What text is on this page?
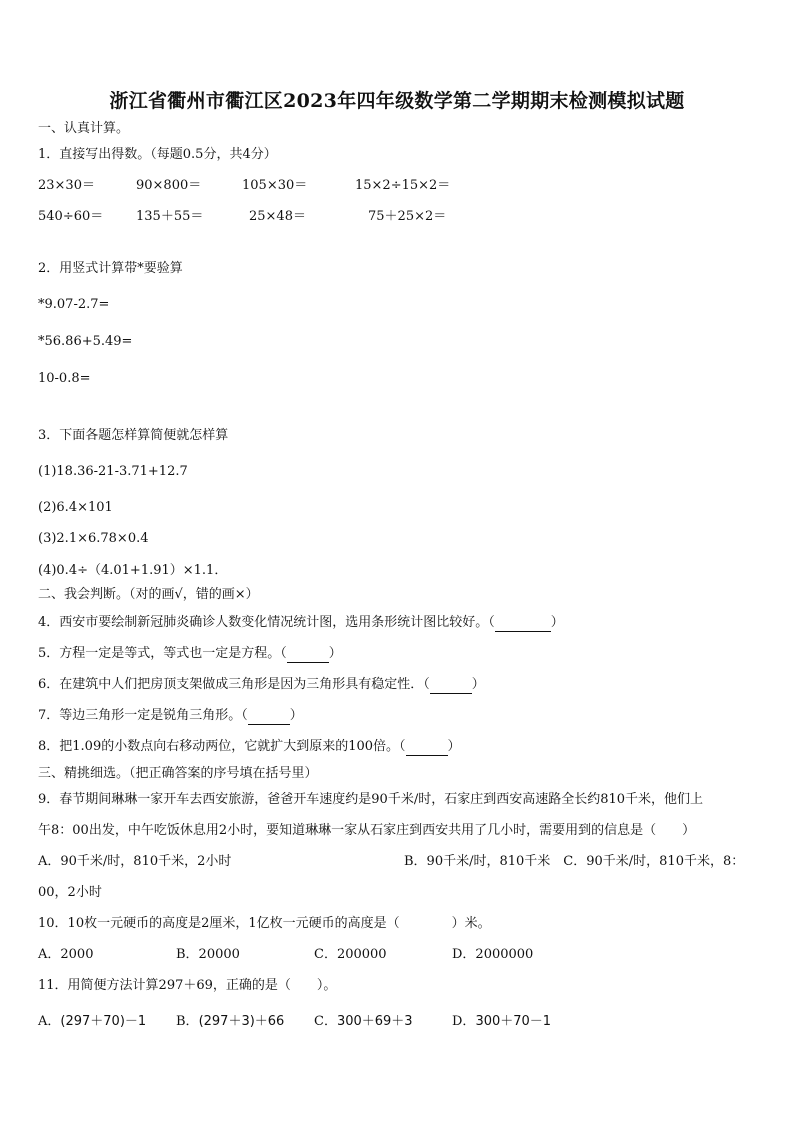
浙江省衢州市衢江区2023年四年级数学第二学期期末检测模拟试题
一、认真计算。
1．直接写出得数。（每题0.5分，共4分）
23×30＝	90×800＝	105×30＝	15×2÷15×2＝
540÷60＝	135＋55＝	25×48＝	75＋25×2＝
2．用竖式计算带*要验算
*9.07-2.7=
*56.86+5.49=
10-0.8=
3．下面各题怎样算简便就怎样算
(1)18.36-21-3.71+12.7
(2)6.4×101
(3)2.1×6.78×0.4
(4)0.4÷（4.01+1.91）×1.1．
二、我会判断。（对的画√，错的画×）
4．西安市要绘制新冠肺炎确诊人数变化情况统计图，选用条形统计图比较好。（	）
5．方程一定是等式，等式也一定是方程。（	）
6．在建筑中人们把房顶支架做成三角形是因为三角形具有稳定性．（	）
7．等边三角形一定是锐角三角形。（	）
8．把1.09的小数点向右移动两位，它就扩大到原来的100倍。（	）
三、精挑细选。（把正确答案的序号填在括号里）
9．春节期间琳琳一家开车去西安旅游，爸爸开车速度约是90千米/时，石家庄到西安高速路全长约810千米，他们上
午8：00出发，中午吃饭休息用2小时，要知道琳琳一家从石家庄到西安共用了几小时，需要用到的信息是（　　）
A．90千米/时，810千米，2小时	B．90千米/时，810千米　C．90千米/时，810千米，8：
00，2小时
10．10枚一元硬币的高度是2厘米，1亿枚一元硬币的高度是（　　　　）米。
A．2000	B．20000	C．200000	D．2000000
11．用简便方法计算297＋69，正确的是（　　）。
A．(297＋70)－1 B．(297＋3)＋66 C．300＋69＋3	D．300＋70－1
